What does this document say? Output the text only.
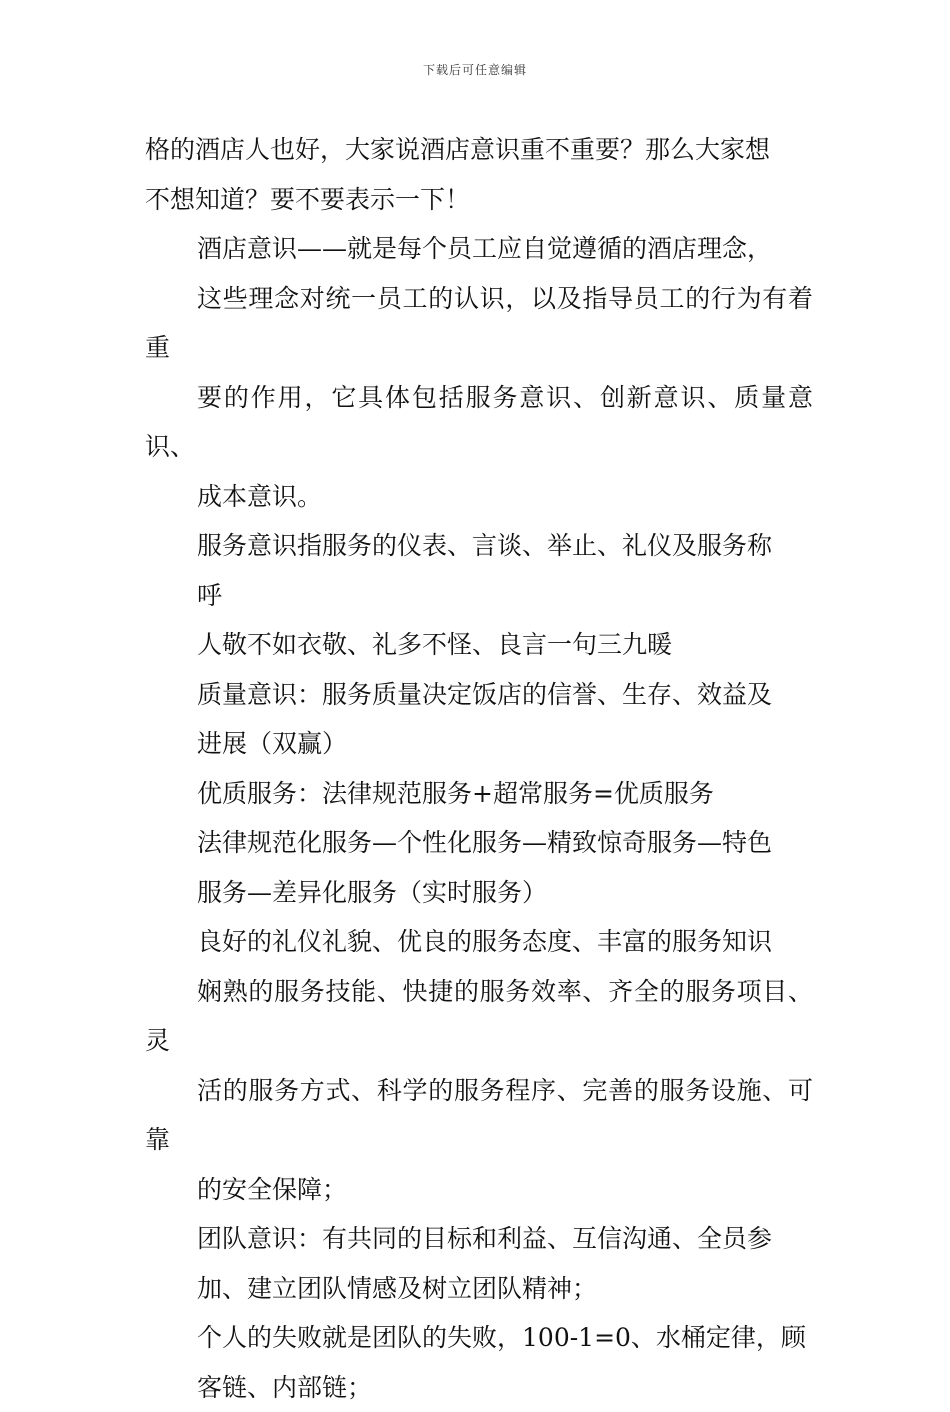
下载后可任意编辑

格的酒店人也好，大家说酒店意识重不重要？那么大家想
不想知道？要不要表示一下！

酒店意识——就是每个员工应自觉遵循的酒店理念，
这些理念对统一员工的认识，以及指导员工的行为有着重
要的作用，它具体包括服务意识、创新意识、质量意识、
成本意识。

服务意识指服务的仪表、言谈、举止、礼仪及服务称
呼

人敬不如衣敬、礼多不怪、良言一句三九暖

质量意识：服务质量决定饭店的信誉、生存、效益及
进展（双赢）

优质服务：法律规范服务+超常服务=优质服务

法律规范化服务—个性化服务—精致惊奇服务—特色
服务—差异化服务（实时服务）

良好的礼仪礼貌、优良的服务态度、丰富的服务知识
娴熟的服务技能、快捷的服务效率、齐全的服务项目、灵
活的服务方式、科学的服务程序、完善的服务设施、可靠
的安全保障；

团队意识：有共同的目标和利益、互信沟通、全员参
加、建立团队情感及树立团队精神；

个人的失败就是团队的失败，100-1=0、水桶定律，顾
客链、内部链；
